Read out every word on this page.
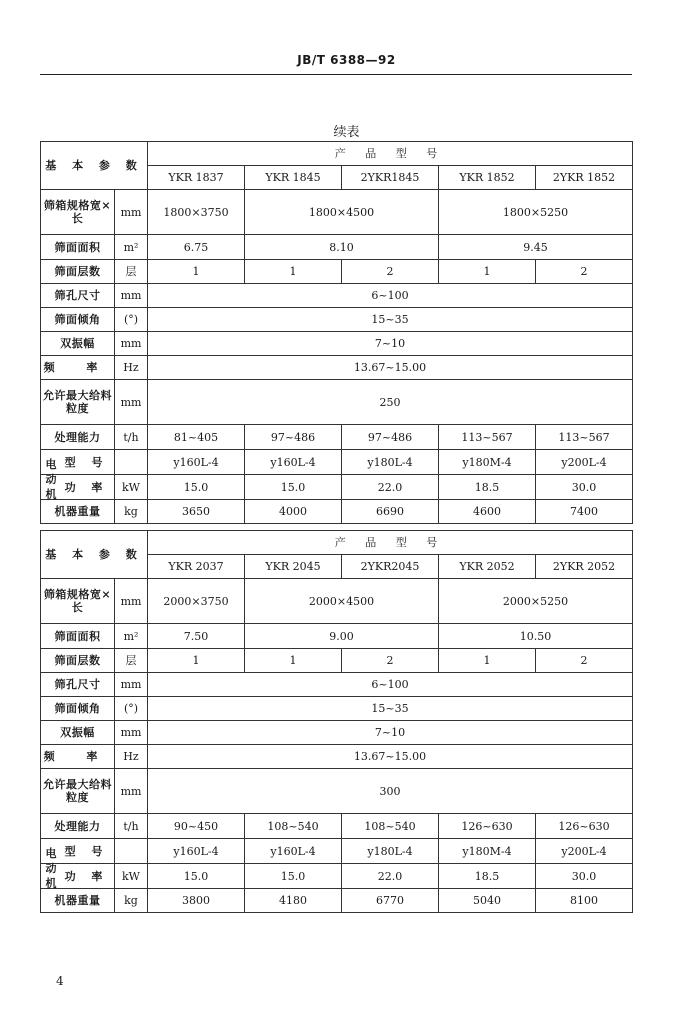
JB/T 6388—92
续表
基 本 参 数		产 品 型 号				
		YKR 1837	YKR 1845	2YKR1845	YKR 1852	2YKR 1852
筛箱规格宽×长	mm	1800×3750	1800×4500		1800×5250	
筛面面积	m²	6.75	8.10		9.45	
筛面层数	层	1	1	2	1	2
筛孔尺寸	mm	6~100				
筛面倾角	(°)	15~35				
双振幅	mm	7~10				
频 率	Hz	13.67~15.00				
允许最大给料粒度	mm	250				
处理能力	t/h	81~405	97~486	97~486	113~567	113~567

型 号		y160L-4	y160L-4	y180L-4	y180M-4	y200L-4

功 率	kW	15.0	15.0	22.0	18.5	30.0
机器重量	kg	3650	4000	6690	4600	7400
基 本 参 数		产 品 型 号				
		YKR 2037	YKR 2045	2YKR2045	YKR 2052	2YKR 2052
筛箱规格宽×长	mm	2000×3750	2000×4500		2000×5250	
筛面面积	m²	7.50	9.00		10.50	
筛面层数	层	1	1	2	1	2
筛孔尺寸	mm	6~100				
筛面倾角	(°)	15~35				
双振幅	mm	7~10				
频 率	Hz	13.67~15.00				
允许最大给料粒度	mm	300				
处理能力	t/h	90~450	108~540	108~540	126~630	126~630

型 号		y160L-4	y160L-4	y180L-4	y180M-4	y200L-4

功 率	kW	15.0	15.0	22.0	18.5	30.0
机器重量	kg	3800	4180	6770	5040	8100
电动机
电动机
4
